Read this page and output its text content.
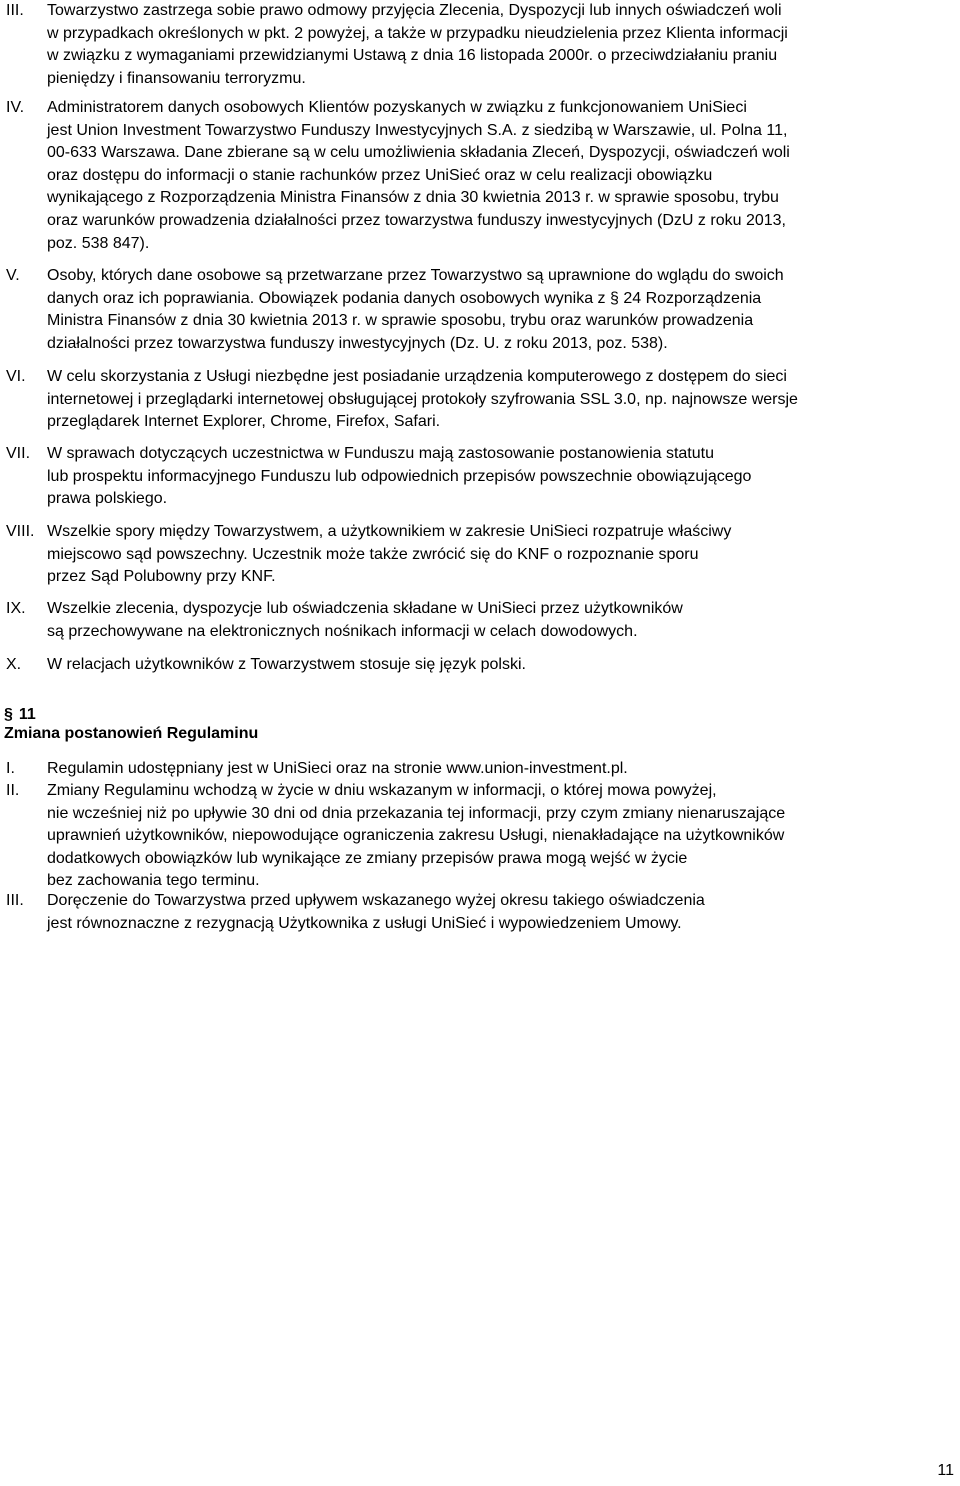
III. Towarzystwo zastrzega sobie prawo odmowy przyjęcia Zlecenia, Dyspozycji lub innych oświadczeń woli
w przypadkach określonych w pkt. 2 powyżej, a także w przypadku nieudzielenia przez Klienta informacji
w związku z wymaganiami przewidzianymi Ustawą z dnia 16 listopada 2000r. o przeciwdziałaniu praniu
pieniędzy i finansowaniu terroryzmu.
IV. Administratorem danych osobowych Klientów pozyskanych w związku z funkcjonowaniem UniSieci
jest Union Investment Towarzystwo Funduszy Inwestycyjnych S.A. z siedzibą w Warszawie, ul. Polna 11,
00-633 Warszawa. Dane zbierane są w celu umożliwienia składania Zleceń, Dyspozycji, oświadczeń woli
oraz dostępu do informacji o stanie rachunków przez UniSieć oraz w celu realizacji obowiązku
wynikającego z Rozporządzenia Ministra Finansów z dnia 30 kwietnia 2013 r. w sprawie sposobu, trybu
oraz warunków prowadzenia działalności przez towarzystwa funduszy inwestycyjnych (DzU z roku 2013,
poz. 538 847).
V. Osoby, których dane osobowe są przetwarzane przez Towarzystwo są uprawnione do wglądu do swoich
danych oraz ich poprawiania. Obowiązek podania danych osobowych wynika z § 24 Rozporządzenia
Ministra Finansów z dnia 30 kwietnia 2013 r. w sprawie sposobu, trybu oraz warunków prowadzenia
działalności przez towarzystwa funduszy inwestycyjnych (Dz. U. z roku 2013, poz. 538).
VI. W celu skorzystania z Usługi niezbędne jest posiadanie urządzenia komputerowego z dostępem do sieci
internetowej i przeglądarki internetowej obsługującej protokoły szyfrowania SSL 3.0, np. najnowsze wersje
przeglądarek Internet Explorer, Chrome, Firefox, Safari.
VII. W sprawach dotyczących uczestnictwa w Funduszu mają zastosowanie postanowienia statutu
lub prospektu informacyjnego Funduszu lub odpowiednich przepisów powszechnie obowiązującego
prawa polskiego.
VIII. Wszelkie spory między Towarzystwem, a użytkownikiem w zakresie UniSieci rozpatruje właściwy
miejscowo sąd powszechny. Uczestnik może także zwrócić się do KNF o rozpoznanie sporu
przez Sąd Polubowny przy KNF.
IX. Wszelkie zlecenia, dyspozycje lub oświadczenia składane w UniSieci przez użytkowników
są przechowywane na elektronicznych nośnikach informacji w celach dowodowych.
X. W relacjach użytkowników z Towarzystwem stosuje się język polski.
§ 11
Zmiana postanowień Regulaminu
I. Regulamin udostępniany jest w UniSieci oraz na stronie www.union-investment.pl.
II. Zmiany Regulaminu wchodzą w życie w dniu wskazanym w informacji, o której mowa powyżej,
nie wcześniej niż po upływie 30 dni od dnia przekazania tej informacji, przy czym zmiany nienaruszające
uprawnień użytkowników, niepowodujące ograniczenia zakresu Usługi, nienakładające na użytkowników
dodatkowych obowiązków lub wynikające ze zmiany przepisów prawa mogą wejść w życie
bez zachowania tego terminu.
III. Doręczenie do Towarzystwa przed upływem wskazanego wyżej okresu takiego oświadczenia
jest równoznaczne z rezygnacją Użytkownika z usługi UniSieć i wypowiedzeniem Umowy.
11
